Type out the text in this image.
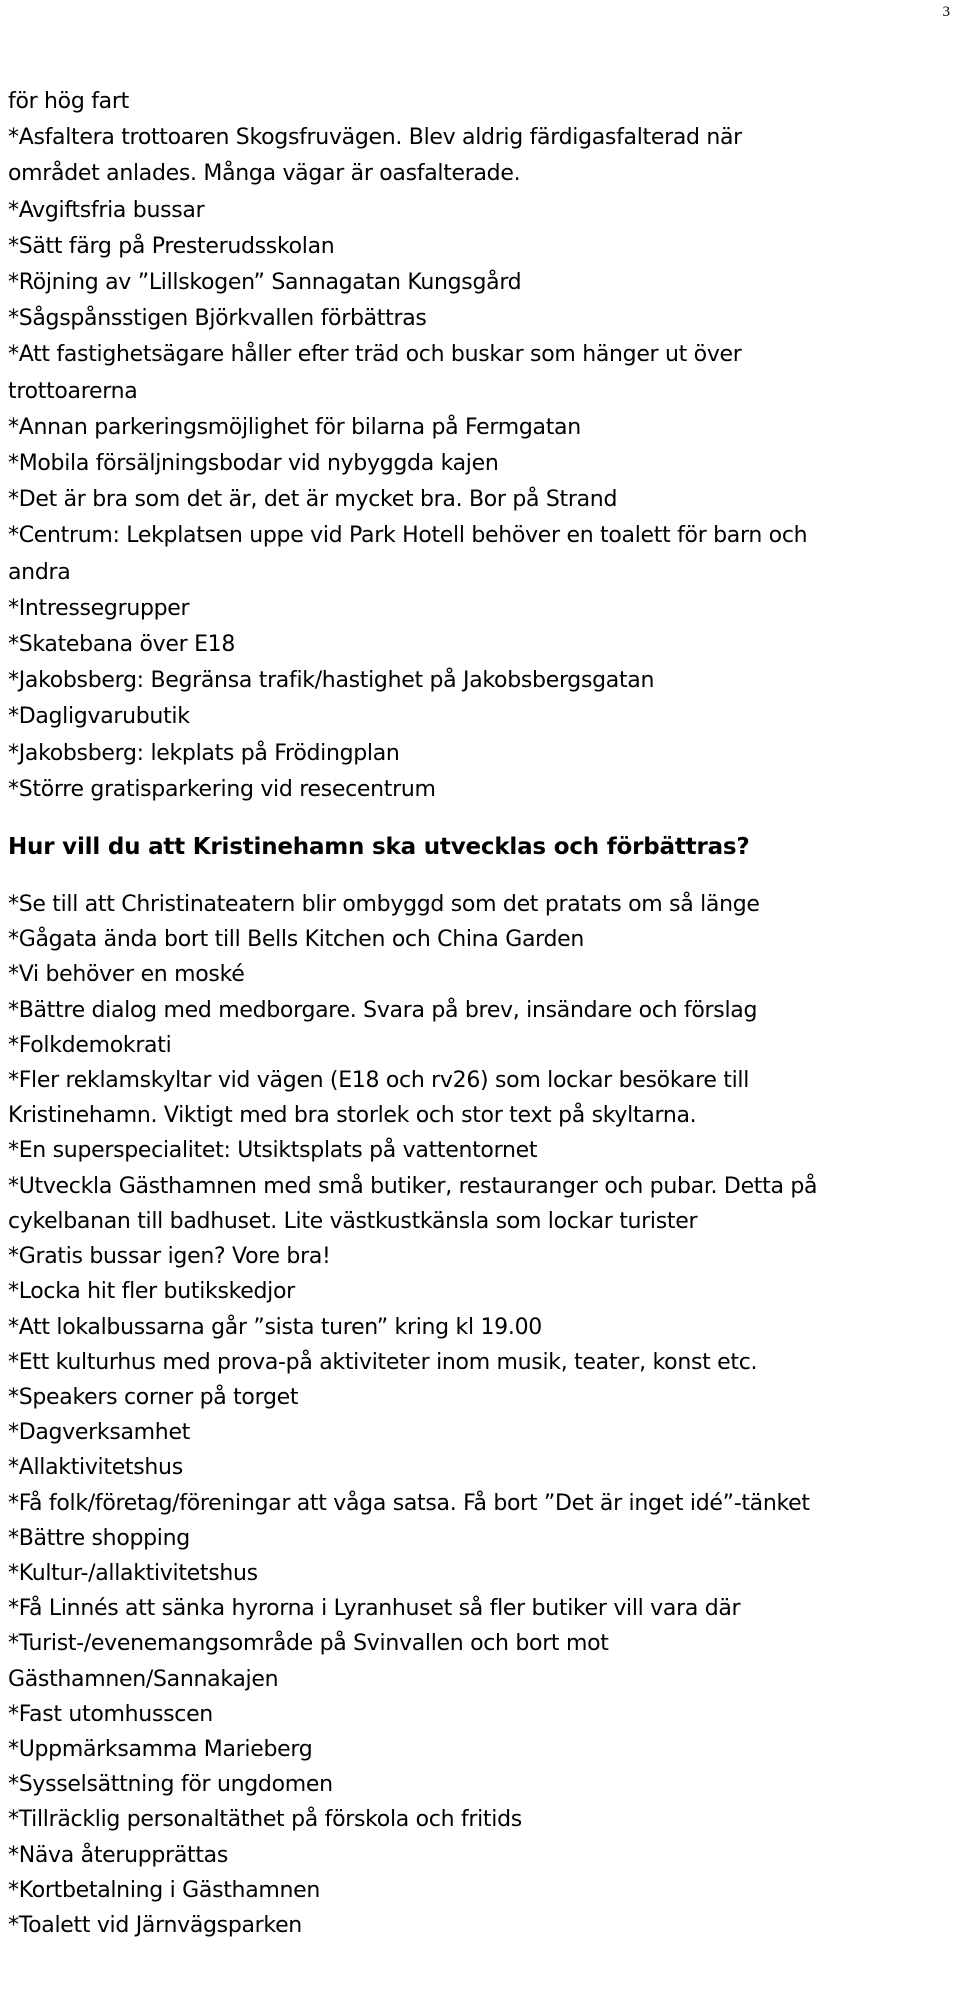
3
för hög fart
*Asfaltera trottoaren Skogsfruvägen. Blev aldrig färdigasfalterad när
området anlades. Många vägar är oasfalterade.
*Avgiftsfria bussar
*Sätt färg på Presterudsskolan
*Röjning av ”Lillskogen” Sannagatan Kungsgård
*Sågspånsstigen Björkvallen förbättras
*Att fastighetsägare håller efter träd och buskar som hänger ut över
trottoarerna
*Annan parkeringsmöjlighet för bilarna på Fermgatan
*Mobila försäljningsbodar vid nybyggda kajen
*Det är bra som det är, det är mycket bra. Bor på Strand
*Centrum: Lekplatsen uppe vid Park Hotell behöver en toalett för barn och
andra
*Intressegrupper
*Skatebana över E18
*Jakobsberg: Begränsa trafik/hastighet på Jakobsbergsgatan
*Dagligvarubutik
*Jakobsberg: lekplats på Frödingplan
*Större gratisparkering vid resecentrum
Hur vill du att Kristinehamn ska utvecklas och förbättras?
*Se till att Christinateatern blir ombyggd som det pratats om så länge
*Gågata ända bort till Bells Kitchen och China Garden
*Vi behöver en moské
*Bättre dialog med medborgare. Svara på brev, insändare och förslag
*Folkdemokrati
*Fler reklamskyltar vid vägen (E18 och rv26) som lockar besökare till
Kristinehamn. Viktigt med bra storlek och stor text på skyltarna.
*En superspecialitet: Utsiktsplats på vattentornet
*Utveckla Gästhamnen med små butiker, restauranger och pubar. Detta på
cykelbanan till badhuset. Lite västkustkänsla som lockar turister
*Gratis bussar igen? Vore bra!
*Locka hit fler butikskedjor
*Att lokalbussarna går ”sista turen” kring kl 19.00
*Ett kulturhus med prova-på aktiviteter inom musik, teater, konst etc.
*Speakers corner på torget
*Dagverksamhet
*Allaktivitetshus
*Få folk/företag/föreningar att våga satsa. Få bort ”Det är inget idé”-tänket
*Bättre shopping
*Kultur-/allaktivitetshus
*Få Linnés att sänka hyrorna i Lyranhuset så fler butiker vill vara där
*Turist-/evenemangsområde på Svinvallen och bort mot
Gästhamnen/Sannakajen
*Fast utomhusscen
*Uppmärksamma Marieberg
*Sysselsättning för ungdomen
*Tillräcklig personaltäthet på förskola och fritids
*Näva återupprättas
*Kortbetalning i Gästhamnen
*Toalett vid Järnvägsparken
